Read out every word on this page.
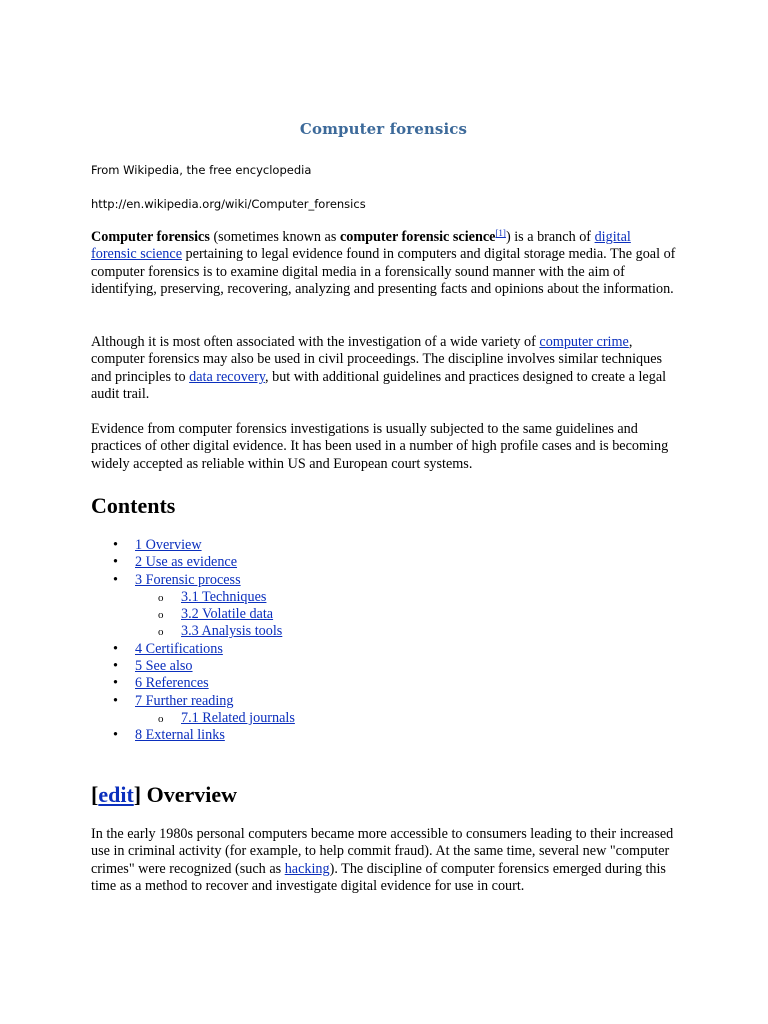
Computer forensics

From Wikipedia, the free encyclopedia

http://en.wikipedia.org/wiki/Computer_forensics

Computer forensics (sometimes known as computer forensic science[1]) is a branch of digital forensic science pertaining to legal evidence found in computers and digital storage media. The goal of computer forensics is to examine digital media in a forensically sound manner with the aim of identifying, preserving, recovering, analyzing and presenting facts and opinions about the information.

Although it is most often associated with the investigation of a wide variety of computer crime, computer forensics may also be used in civil proceedings. The discipline involves similar techniques and principles to data recovery, but with additional guidelines and practices designed to create a legal audit trail.

Evidence from computer forensics investigations is usually subjected to the same guidelines and practices of other digital evidence. It has been used in a number of high profile cases and is becoming widely accepted as reliable within US and European court systems.

Contents
• 1 Overview
• 2 Use as evidence
• 3 Forensic process
o 3.1 Techniques
o 3.2 Volatile data
o 3.3 Analysis tools
• 4 Certifications
• 5 See also
• 6 References
• 7 Further reading
o 7.1 Related journals
• 8 External links
[edit] Overview

In the early 1980s personal computers became more accessible to consumers leading to their increased use in criminal activity (for example, to help commit fraud). At the same time, several new "computer crimes" were recognized (such as hacking). The discipline of computer forensics emerged during this time as a method to recover and investigate digital evidence for use in court.
